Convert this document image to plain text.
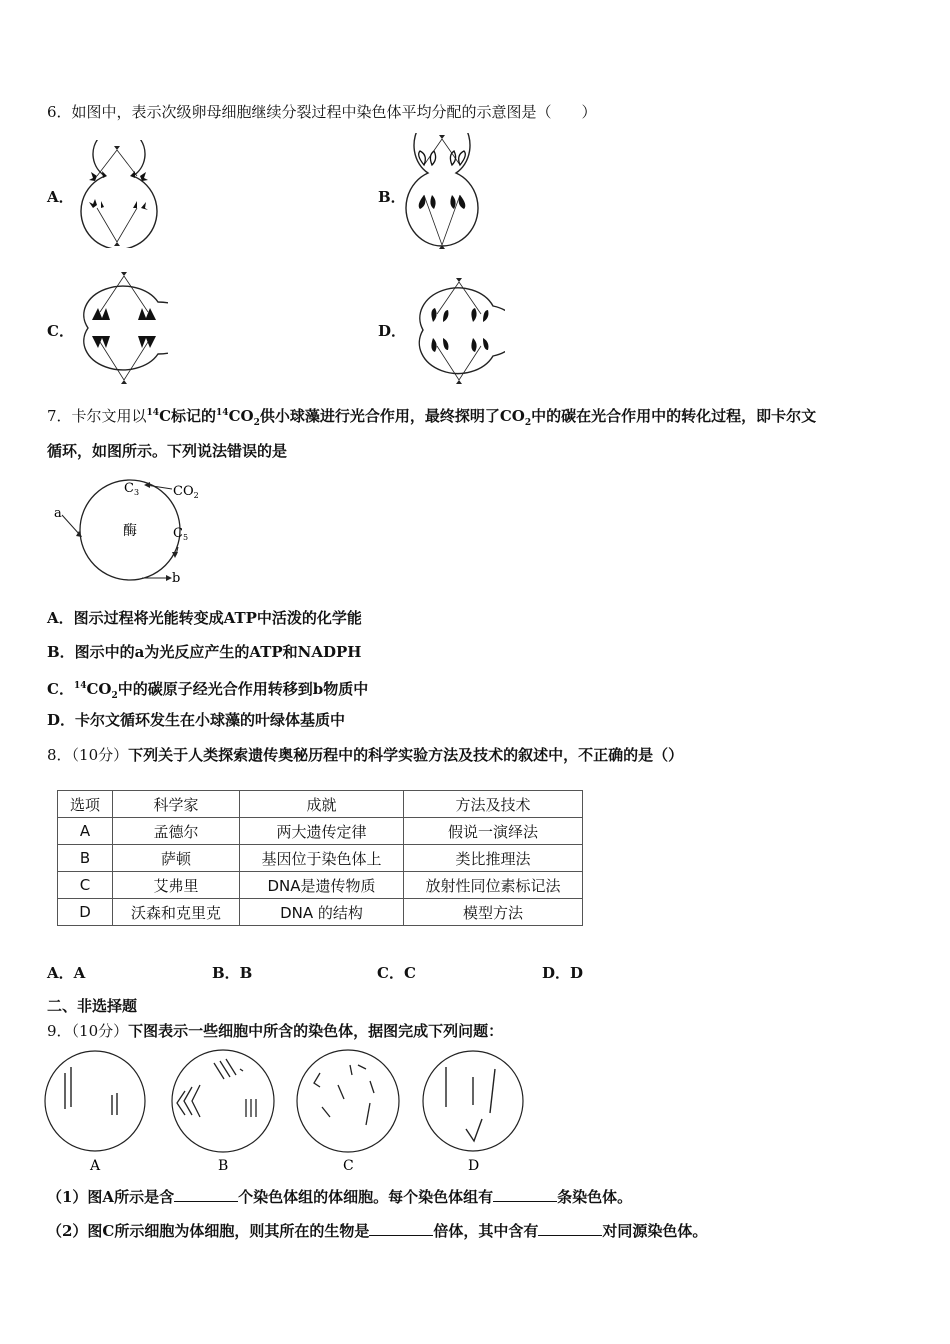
6．如图中，表示次级卵母细胞继续分裂过程中染色体平均分配的示意图是（　　）
A．	B．
C．	D．
7．卡尔文用以$^{14}$C标记的$^{14}CO_2$供小球藻进行光合作用，最终探明了$CO_2$中的碳在光合作用中的转化过程，即卡尔文
循环，如图所示。下列说法错误的是
a
$C_3$	$CO_2$
$C_5$
酶
b
A．图示过程将光能转变成ATP中活泼的化学能
B．图示中的a为光反应产生的ATP和NADPH
C．$^{14}CO_2$中的碳原子经光合作用转移到b物质中
D．卡尔文循环发生在小球藻的叶绿体基质中
8．（10分）下列关于人类探索遗传奥秘历程中的科学实验方法及技术的叙述中，不正确的是（）
选项	科学家	成就	方法及技术
A	孟德尔	两大遗传定律	假说一演绎法
B	萨顿	基因位于染色体上	类比推理法
C	艾弗里	DNA是遗传物质	放射性同位素标记法
D	沃森和克里克	DNA 的结构	模型方法
A．A	B．B	C．C	D．D
二、非选择题
9．（10分）下图表示一些细胞中所含的染色体，据图完成下列问题：
A	B	C	D
（1）图A所示是含	个染色体组的体细胞。每个染色体组有	条染色体。
（2）图C所示细胞为体细胞，则其所在的生物是	倍体，其中含有	对同源染色体。
